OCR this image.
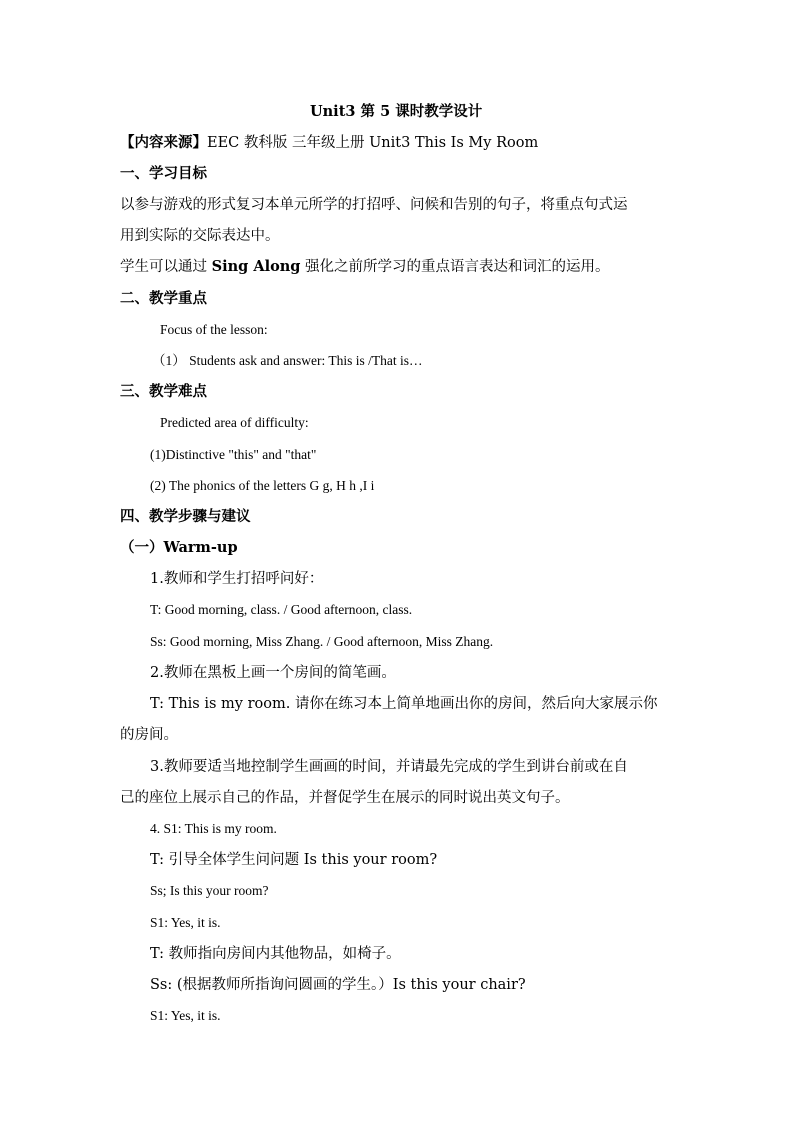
Unit3 第 5 课时教学设计
【内容来源】EEC 教科版 三年级上册 Unit3 This Is My Room
一、学习目标
以参与游戏的形式复习本单元所学的打招呼、问候和告别的句子，将重点句式运
用到实际的交际表达中。
学生可以通过 Sing Along 强化之前所学习的重点语言表达和词汇的运用。
二、教学重点
Focus of the lesson:
（1） Students ask and answer: This is /That is…
三、教学难点
Predicted area of difficulty:
(1)Distinctive "this" and "that"
(2) The phonics of the letters G g, H h ,I i
四、教学步骤与建议
（一）Warm-up
1.教师和学生打招呼问好：
T: Good morning, class. / Good afternoon, class.
Ss: Good morning, Miss Zhang. / Good afternoon, Miss Zhang.
2.教师在黑板上画一个房间的简笔画。
T: This is my room. 请你在练习本上简单地画出你的房间，然后向大家展示你
的房间。
3.教师要适当地控制学生画画的时间，并请最先完成的学生到讲台前或在自
己的座位上展示自己的作品，并督促学生在展示的同时说出英文句子。
4. S1: This is my room.
T: 引导全体学生问问题 Is this your room?
Ss; Is this your room?
S1: Yes, it is.
T: 教师指向房间内其他物品，如椅子。
Ss: (根据教师所指询问圆画的学生。）Is this your chair?
S1: Yes, it is.
